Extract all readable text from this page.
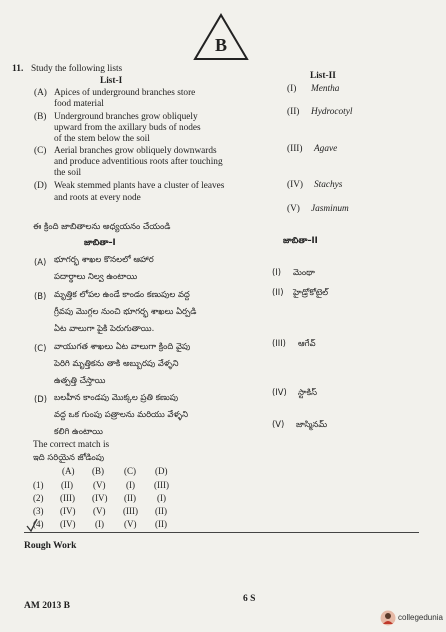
B
11. Study the following lists
List-I	List-II
(A) Apices of underground branches store
food material
(B) Underground branches grow obliquely
upward from the axillary buds of nodes
of the stem below the soil
(C) Aerial branches grow obliquely downwards
and produce adventitious roots after touching
the soil
(D) Weak stemmed plants have a cluster of leaves
and roots at every node
(I) Mentha
(II) Hydrocotyl
(III) Agave
(IV) Stachys
(V) Jasminum
ఈ క్రింది జాబితాలను అధ్యయనం చేయండి
జాబితా–I	జాబితా–II
(A) భూగర్భ శాఖల కొనలలో ఆహార
పదార్థాలు నిల్వ ఉంటాయి
(B) మృత్తిక లోపల ఉండే కాండం కణుపుల వద్ద
గ్రీవపు మొగ్గల నుంచి భూగర్భ శాఖలు ఏర్పడి
ఏట వాలుగా పైకి పెరుగుతాయి.
(C) వాయుగత శాఖలు ఏట వాలుగా క్రింది వైపు
పెరిగి మృత్తికను తాకి అబ్బురపు వేళ్ళని
ఉత్పత్తి చేస్తాయి
(D) బలహీన కాండపు మొక్కల ప్రతి కణుపు
వద్ద ఒక గుంపు పత్రాలను మరియు వేళ్ళని
కలిగి ఉంటాయి
(I) మెంథా
(II) హైడ్రోకోటైల్
(III) ఆగేవ్
(IV) స్టాకిస్
(V) జాస్మినమ్
The correct match is
ఇది సరియైన జోడింపు
(A) (B) (C) (D)
(1) (II) (V) (I) (III)
(2) (III) (IV) (II) (I)
(3) (IV) (V) (III) (II)
(4) (IV) (I) (V) (II)
Rough Work
AM 2013 B
6 S
collegedunia
